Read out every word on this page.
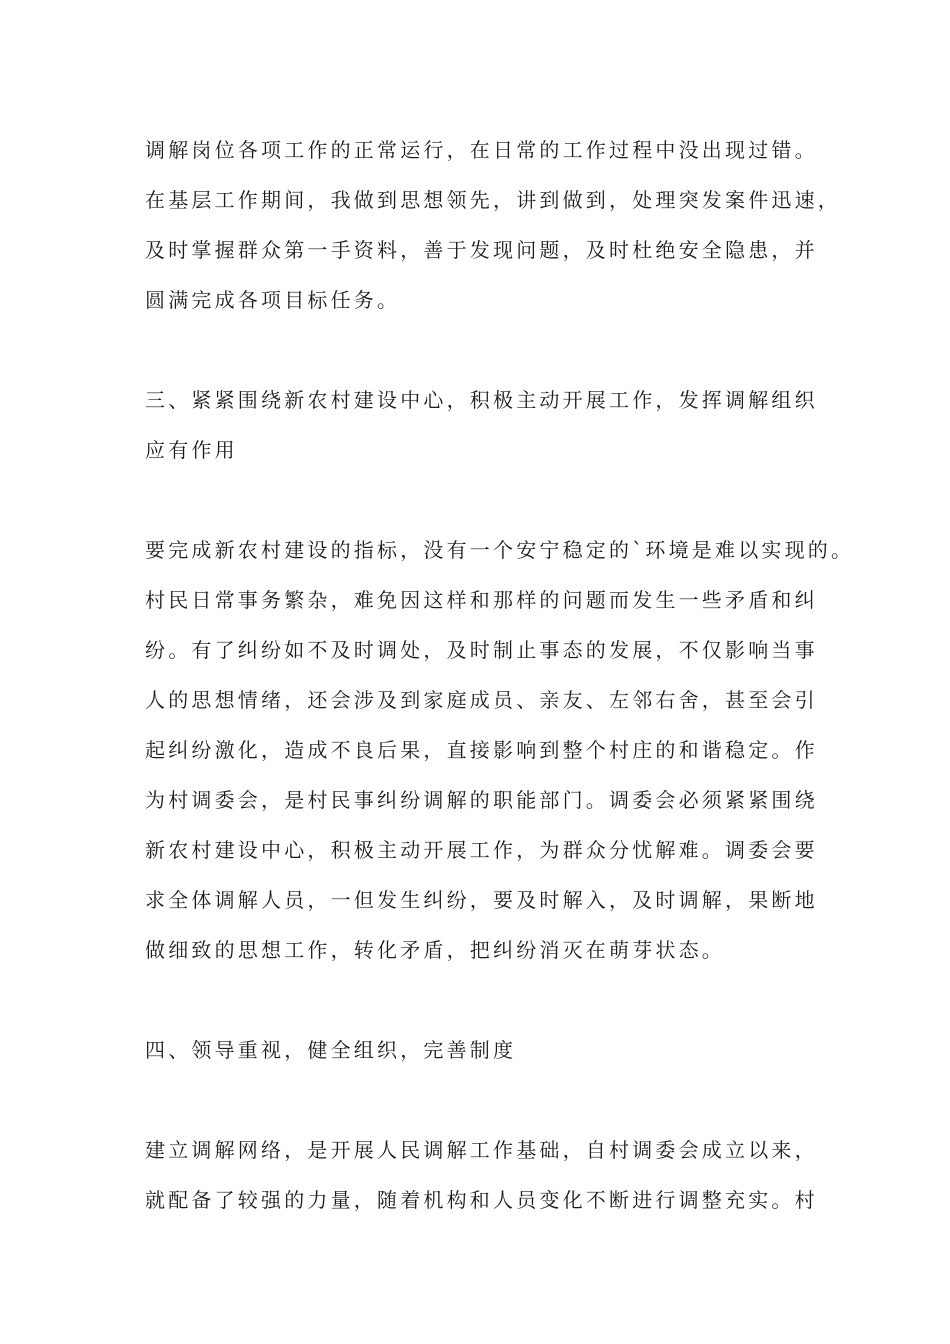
调解岗位各项工作的正常运行，在日常的工作过程中没出现过错。
在基层工作期间，我做到思想领先，讲到做到，处理突发案件迅速，
及时掌握群众第一手资料，善于发现问题，及时杜绝安全隐患，并
圆满完成各项目标任务。
三、紧紧围绕新农村建设中心，积极主动开展工作，发挥调解组织
应有作用
要完成新农村建设的指标，没有一个安宁稳定的`环境是难以实现的。
村民日常事务繁杂，难免因这样和那样的问题而发生一些矛盾和纠
纷。有了纠纷如不及时调处，及时制止事态的发展，不仅影响当事
人的思想情绪，还会涉及到家庭成员、亲友、左邻右舍，甚至会引
起纠纷激化，造成不良后果，直接影响到整个村庄的和谐稳定。作
为村调委会，是村民事纠纷调解的职能部门。调委会必须紧紧围绕
新农村建设中心，积极主动开展工作，为群众分忧解难。调委会要
求全体调解人员，一但发生纠纷，要及时解入，及时调解，果断地
做细致的思想工作，转化矛盾，把纠纷消灭在萌芽状态。
四、领导重视，健全组织，完善制度
建立调解网络，是开展人民调解工作基础，自村调委会成立以来，
就配备了较强的力量，随着机构和人员变化不断进行调整充实。村
